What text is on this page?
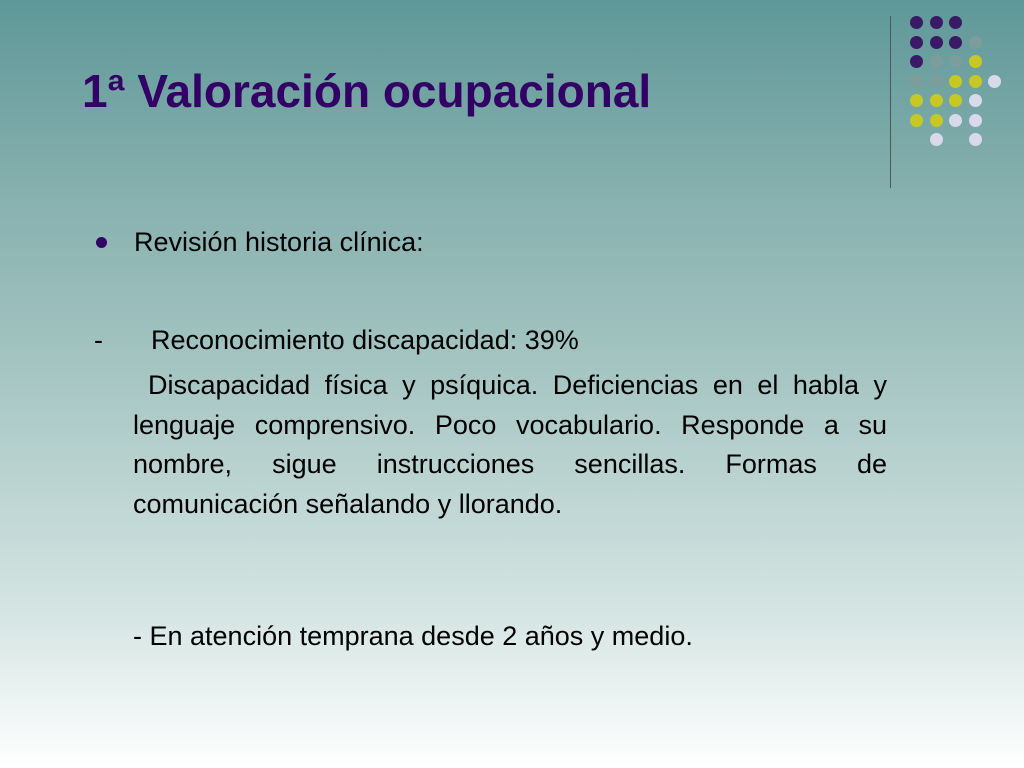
1ª Valoración ocupacional
Revisión historia clínica:
- Reconocimiento discapacidad: 39%

Discapacidad física y psíquica. Deficiencias en el habla y lenguaje comprensivo. Poco vocabulario. Responde a su nombre, sigue instrucciones sencillas. Formas de comunicación señalando y llorando.

- En atención temprana desde 2 años y medio.
